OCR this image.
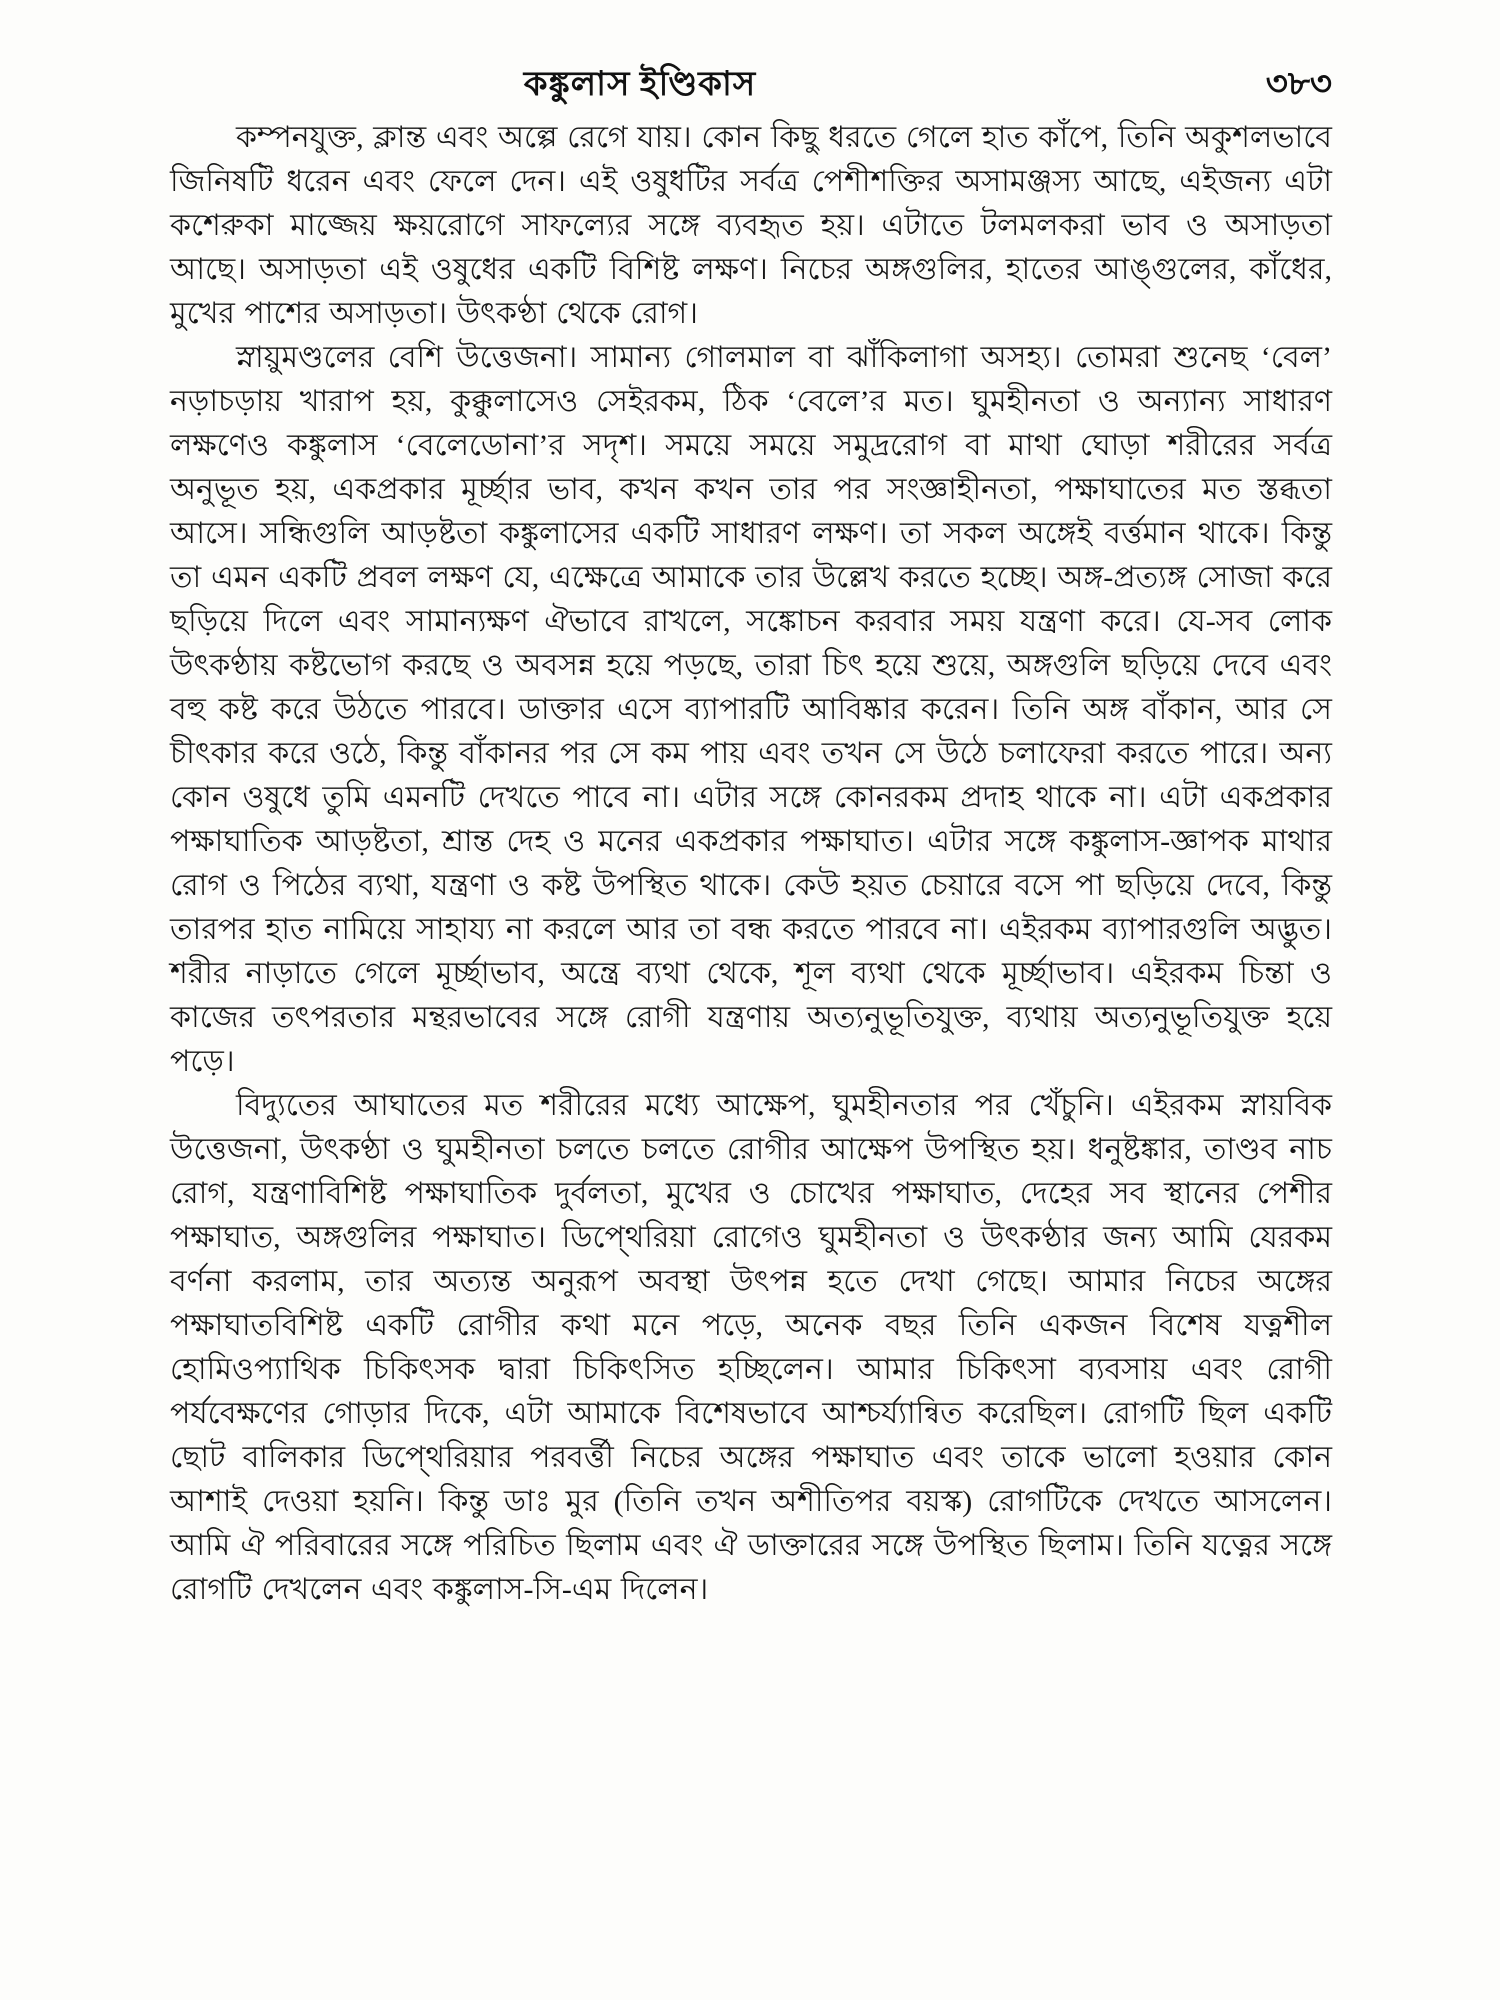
কঙ্কুলাস ইণ্ডিকাস	৩৮৩

কম্পনযুক্ত, ক্লান্ত এবং অল্পে রেগে যায়। কোন কিছু ধরতে গেলে হাত কাঁপে, তিনি অকুশলভাবে জিনিষটি ধরেন এবং ফেলে দেন। এই ওষুধটির সর্বত্র পেশীশক্তির অসামঞ্জস্য আছে, এইজন্য এটা কশেরুকা মাজ্জেয় ক্ষয়রোগে সাফল্যের সঙ্গে ব্যবহৃত হয়। এটাতে টলমলকরা ভাব ও অসাড়তা আছে। অসাড়তা এই ওষুধের একটি বিশিষ্ট লক্ষণ। নিচের অঙ্গগুলির, হাতের আঙ্গুলের, কাঁধের, মুখের পাশের অসাড়তা। উৎকণ্ঠা থেকে রোগ।

স্নায়ুমণ্ডলের বেশি উত্তেজনা। সামান্য গোলমাল বা ঝাঁকিলাগা অসহ্য। তোমরা শুনেছ ‘বেল’ নড়াচড়ায় খারাপ হয়, কুক্কুলাসেও সেইরকম, ঠিক ‘বেলে’র মত। ঘুমহীনতা ও অন্যান্য সাধারণ লক্ষণেও কঙ্কুলাস ‘বেলেডোনা’র সদৃশ। সময়ে সময়ে সমুদ্ররোগ বা মাথা ঘোড়া শরীরের সর্বত্র অনুভূত হয়, একপ্রকার মূর্চ্ছার ভাব, কখন কখন তার পর সংজ্ঞাহীনতা, পক্ষাঘাতের মত স্তব্ধতা আসে। সন্ধিগুলি আড়ষ্টতা কঙ্কুলাসের একটি সাধারণ লক্ষণ। তা সকল অঙ্গেই বর্ত্তমান থাকে। কিন্তু তা এমন একটি প্রবল লক্ষণ যে, এক্ষেত্রে আমাকে তার উল্লেখ করতে হচ্ছে। অঙ্গ-প্রত্যঙ্গ সোজা করে ছড়িয়ে দিলে এবং সামান্যক্ষণ ঐভাবে রাখলে, সঙ্কোচন করবার সময় যন্ত্রণা করে। যে-সব লোক উৎকণ্ঠায় কষ্টভোগ করছে ও অবসন্ন হয়ে পড়ছে, তারা চিৎ হয়ে শুয়ে, অঙ্গগুলি ছড়িয়ে দেবে এবং বহু কষ্ট করে উঠতে পারবে। ডাক্তার এসে ব্যাপারটি আবিষ্কার করেন। তিনি অঙ্গ বাঁকান, আর সে চীৎকার করে ওঠে, কিন্তু বাঁকানর পর সে কম পায় এবং তখন সে উঠে চলাফেরা করতে পারে। অন্য কোন ওষুধে তুমি এমনটি দেখতে পাবে না। এটার সঙ্গে কোনরকম প্রদাহ থাকে না। এটা একপ্রকার পক্ষাঘাতিক আড়ষ্টতা, শ্রান্ত দেহ ও মনের একপ্রকার পক্ষাঘাত। এটার সঙ্গে কঙ্কুলাস-জ্ঞাপক মাথার রোগ ও পিঠের ব্যথা, যন্ত্রণা ও কষ্ট উপস্থিত থাকে। কেউ হয়ত চেয়ারে বসে পা ছড়িয়ে দেবে, কিন্তু তারপর হাত নামিয়ে সাহায্য না করলে আর তা বন্ধ করতে পারবে না। এইরকম ব্যাপারগুলি অদ্ভুত। শরীর নাড়াতে গেলে মূর্চ্ছাভাব, অন্ত্রে ব্যথা থেকে, শূল ব্যথা থেকে মূর্চ্ছাভাব। এইরকম চিন্তা ও কাজের তৎপরতার মন্থরভাবের সঙ্গে রোগী যন্ত্রণায় অত্যনুভূতিযুক্ত, ব্যথায় অত্যনুভূতিযুক্ত হয়ে পড়ে।

বিদ্যুতের আঘাতের মত শরীরের মধ্যে আক্ষেপ, ঘুমহীনতার পর খেঁচুনি। এইরকম স্নায়বিক উত্তেজনা, উৎকণ্ঠা ও ঘুমহীনতা চলতে চলতে রোগীর আক্ষেপ উপস্থিত হয়। ধনুষ্টঙ্কার, তাণ্ডব নাচ রোগ, যন্ত্রণাবিশিষ্ট পক্ষাঘাতিক দুর্বলতা, মুখের ও চোখের পক্ষাঘাত, দেহের সব স্থানের পেশীর পক্ষাঘাত, অঙ্গগুলির পক্ষাঘাত। ডিপ্থেরিয়া রোগেও ঘুমহীনতা ও উৎকণ্ঠার জন্য আমি যেরকম বর্ণনা করলাম, তার অত্যন্ত অনুরূপ অবস্থা উৎপন্ন হতে দেখা গেছে। আমার নিচের অঙ্গের পক্ষাঘাতবিশিষ্ট একটি রোগীর কথা মনে পড়ে, অনেক বছর তিনি একজন বিশেষ যত্নশীল হোমিওপ্যাথিক চিকিৎসক দ্বারা চিকিৎসিত হচ্ছিলেন। আমার চিকিৎসা ব্যবসায় এবং রোগী পর্যবেক্ষণের গোড়ার দিকে, এটা আমাকে বিশেষভাবে আশ্চর্য্যান্বিত করেছিল। রোগটি ছিল একটি ছোট বালিকার ডিপ্থেরিয়ার পরবর্ত্তী নিচের অঙ্গের পক্ষাঘাত এবং তাকে ভালো হওয়ার কোন আশাই দেওয়া হয়নি। কিন্তু ডাঃ মুর (তিনি তখন অশীতিপর বয়স্ক) রোগটিকে দেখতে আসলেন। আমি ঐ পরিবারের সঙ্গে পরিচিত ছিলাম এবং ঐ ডাক্তারের সঙ্গে উপস্থিত ছিলাম। তিনি যত্নের সঙ্গে রোগটি দেখলেন এবং কঙ্কুলাস-সি-এম দিলেন।
